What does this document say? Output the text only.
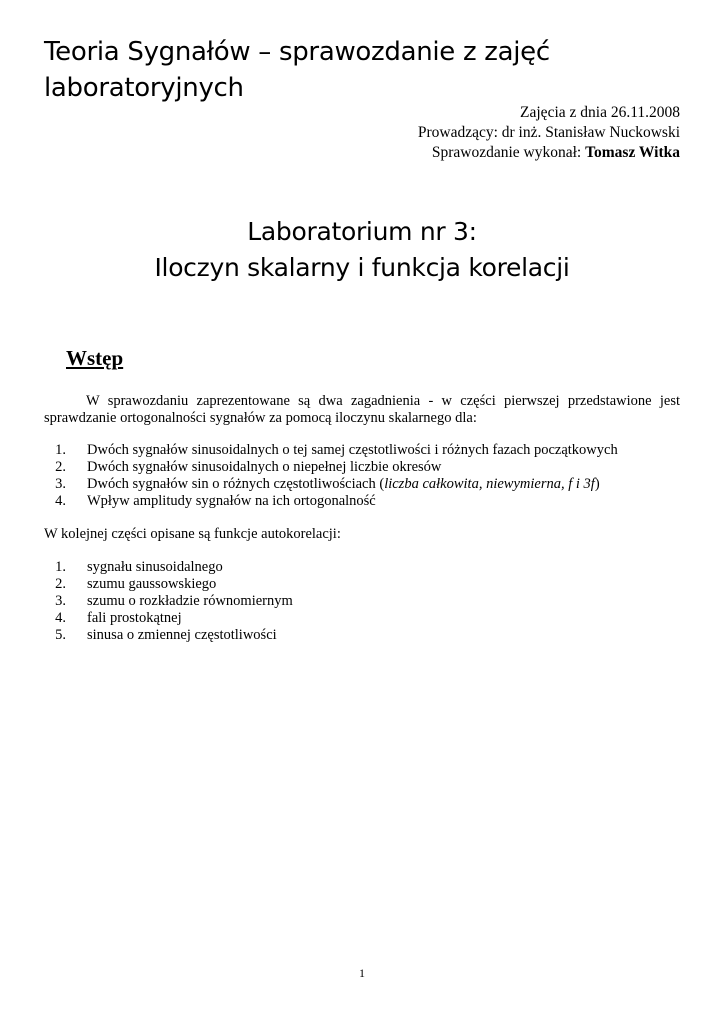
Teoria Sygnałów – sprawozdanie z zajęć
laboratoryjnych
Zajęcia z dnia 26.11.2008
Prowadzący: dr inż. Stanisław Nuckowski
Sprawozdanie wykonał: Tomasz Witka
Laboratorium nr 3:
Iloczyn skalarny i funkcja korelacji
Wstęp

W sprawozdaniu zaprezentowane są dwa zagadnienia - w części pierwszej przedstawione jest sprawdzanie ortogonalności sygnałów za pomocą iloczynu skalarnego dla:

1. Dwóch sygnałów sinusoidalnych o tej samej częstotliwości i różnych fazach początkowych
2. Dwóch sygnałów sinusoidalnych o niepełnej liczbie okresów
3. Dwóch sygnałów sin o różnych częstotliwościach (liczba całkowita, niewymierna, f i 3f)
4. Wpływ amplitudy sygnałów na ich ortogonalność

W kolejnej części opisane są funkcje autokorelacji:

1. sygnału sinusoidalnego
2. szumu gaussowskiego
3. szumu o rozkładzie równomiernym
4. fali prostokątnej
5. sinusa o zmiennej częstotliwości
1
